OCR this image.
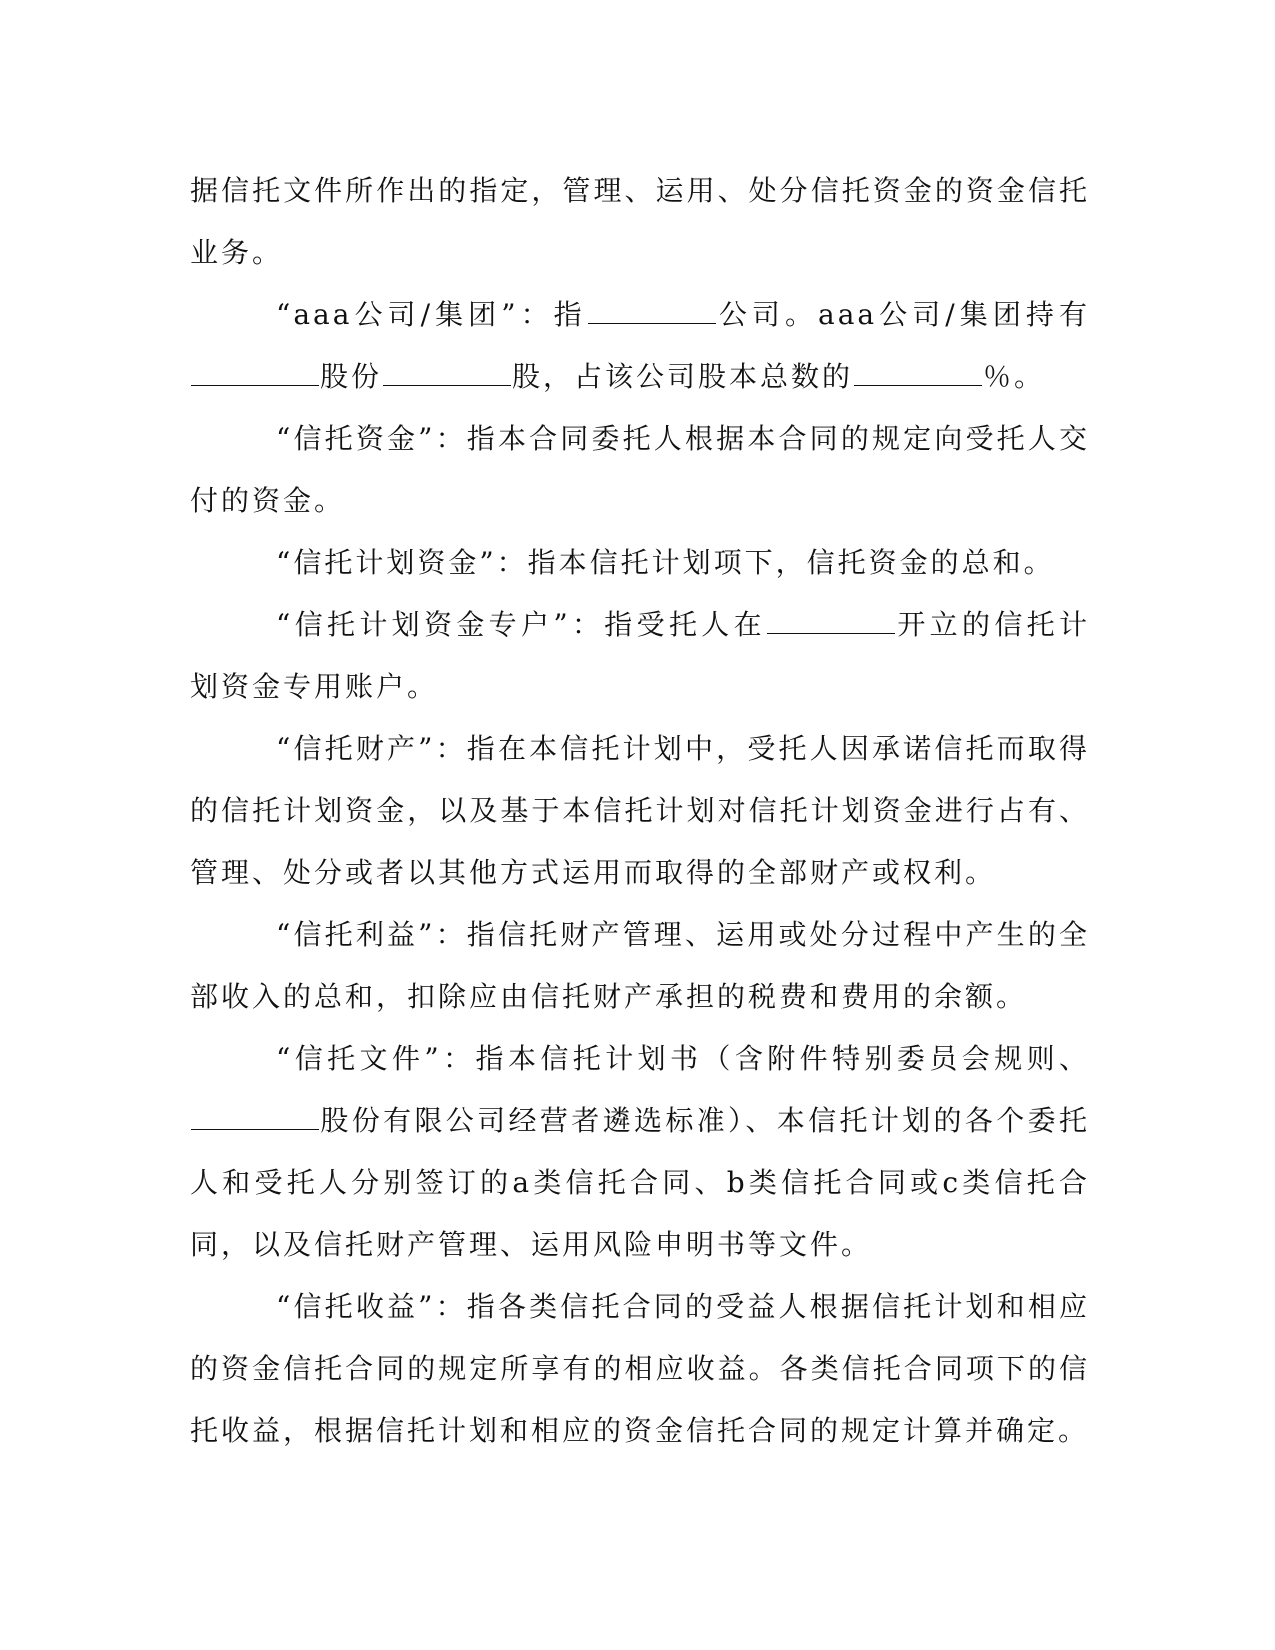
据信托文件所作出的指定，管理、运用、处分信托资金的资金信托业务。

“aaa公司/集团”：指	公司。aaa公司/集团持有股份	股，占该公司股本总数的	％。

“信托资金”：指本合同委托人根据本合同的规定向受托人交付的资金。

“信托计划资金”：指本信托计划项下，信托资金的总和。

“信托计划资金专户”：指受托人在	开立的信托计划资金专用账户。

“信托财产”：指在本信托计划中，受托人因承诺信托而取得的信托计划资金，以及基于本信托计划对信托计划资金进行占有、管理、处分或者以其他方式运用而取得的全部财产或权利。

“信托利益”：指信托财产管理、运用或处分过程中产生的全部收入的总和，扣除应由信托财产承担的税费和费用的余额。

“信托文件”：指本信托计划书（含附件特别委员会规则、股份有限公司经营者遴选标准）、本信托计划的各个委托人和受托人分别签订的a类信托合同、b类信托合同或c类信托合同，以及信托财产管理、运用风险申明书等文件。

“信托收益”：指各类信托合同的受益人根据信托计划和相应的资金信托合同的规定所享有的相应收益。各类信托合同项下的信托收益，根据信托计划和相应的资金信托合同的规定计算并确定。
